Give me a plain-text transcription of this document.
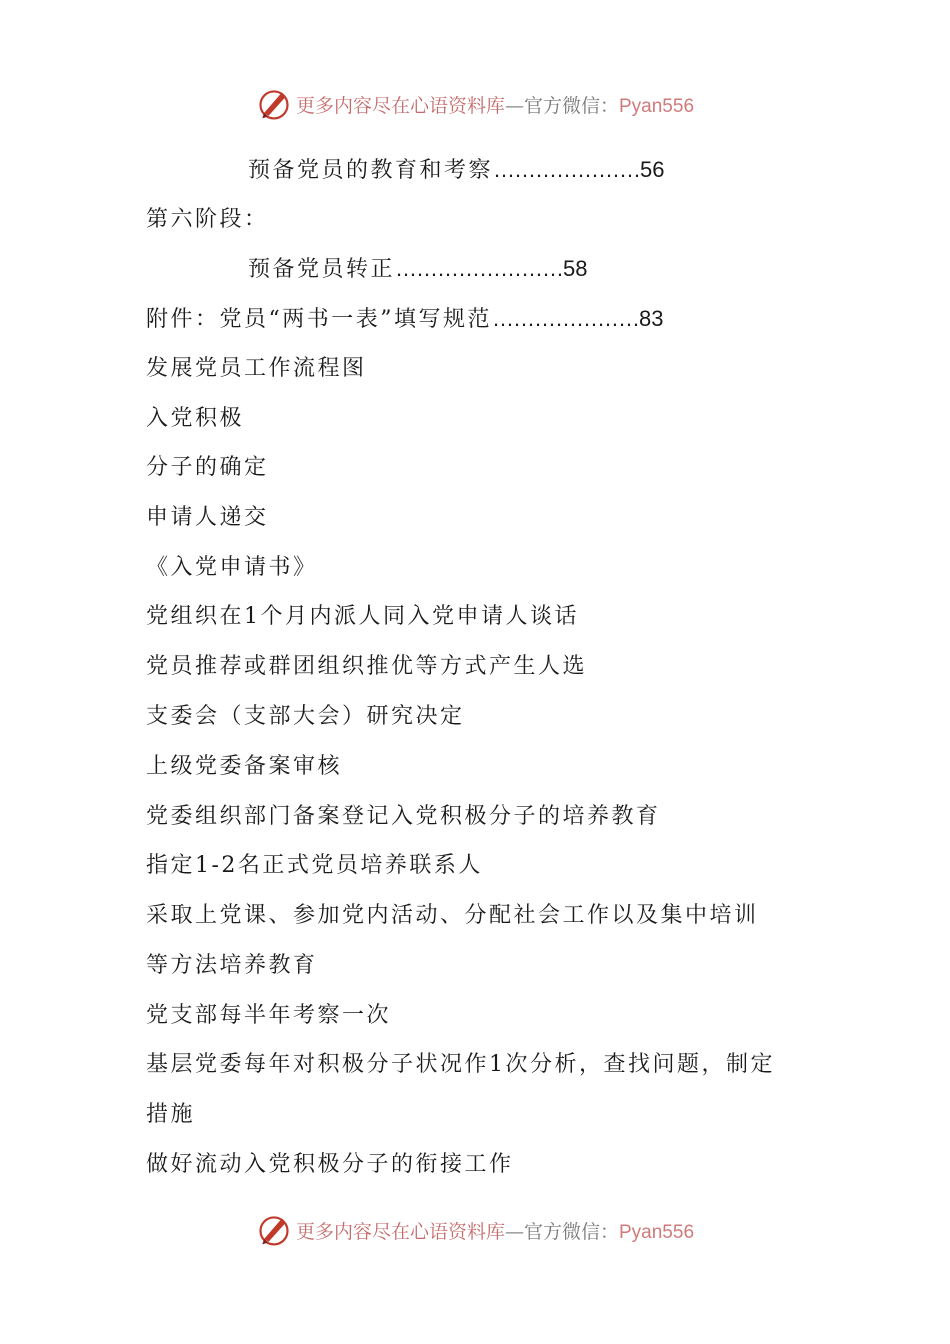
更多内容尽在心语资料库—官方微信：Pyan556
预备党员的教育和考察…………………56
第六阶段：
预备党员转正……………………58
附件：党员“两书一表”填写规范…………………83
发展党员工作流程图
入党积极
分子的确定
申请人递交
《入党申请书》
党组织在1个月内派人同入党申请人谈话
党员推荐或群团组织推优等方式产生人选
支委会（支部大会）研究决定
上级党委备案审核
党委组织部门备案登记入党积极分子的培养教育
指定1-2名正式党员培养联系人
采取上党课、参加党内活动、分配社会工作以及集中培训
等方法培养教育
党支部每半年考察一次
基层党委每年对积极分子状况作1次分析，查找问题，制定
措施
做好流动入党积极分子的衔接工作
更多内容尽在心语资料库—官方微信：Pyan556
